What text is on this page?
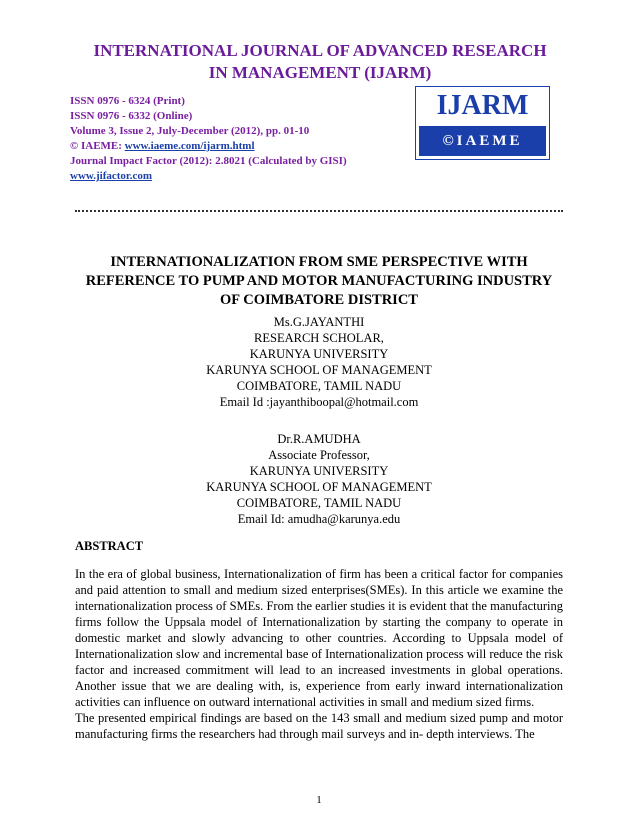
INTERNATIONAL JOURNAL OF ADVANCED RESEARCH
IN MANAGEMENT (IJARM)
ISSN 0976 - 6324 (Print)
ISSN 0976 - 6332 (Online)
Volume 3, Issue 2, July-December (2012), pp. 01-10
© IAEME: www.iaeme.com/ijarm.html
Journal Impact Factor (2012): 2.8021 (Calculated by GISI)
www.jifactor.com
IJARM
©IAEME
INTERNATIONALIZATION FROM SME PERSPECTIVE WITH
REFERENCE TO PUMP AND MOTOR MANUFACTURING INDUSTRY
OF COIMBATORE DISTRICT
Ms.G.JAYANTHI
RESEARCH SCHOLAR,
KARUNYA UNIVERSITY
KARUNYA SCHOOL OF MANAGEMENT
COIMBATORE, TAMIL NADU
Email Id :jayanthiboopal@hotmail.com
Dr.R.AMUDHA
Associate Professor,
KARUNYA UNIVERSITY
KARUNYA SCHOOL OF MANAGEMENT
COIMBATORE, TAMIL NADU
Email Id: amudha@karunya.edu
ABSTRACT

In the era of global business, Internationalization of firm has been a critical factor for companies and paid attention to small and medium sized enterprises(SMEs). In this article we examine the internationalization process of SMEs. From the earlier studies it is evident that the manufacturing firms follow the Uppsala model of Internationalization by starting the company to operate in domestic market and slowly advancing to other countries. According to Uppsala model of Internationalization slow and incremental base of Internationalization process will reduce the risk factor and increased commitment will lead to an increased investments in global operations. Another issue that we are dealing with, is, experience from early inward internationalization activities can influence on outward international activities in small and medium sized firms.

The presented empirical findings are based on the 143 small and medium sized pump and motor manufacturing firms the researchers had through mail surveys and in- depth interviews. The

1
